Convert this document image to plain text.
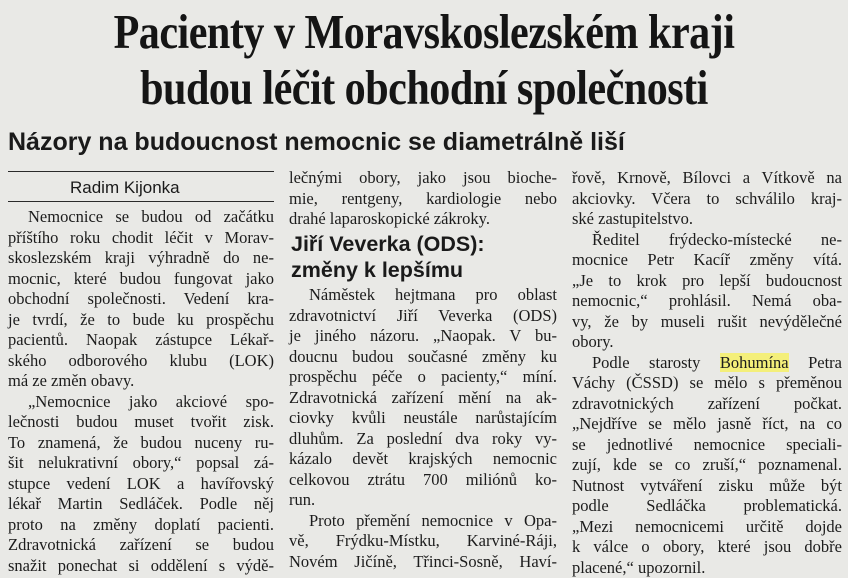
Pacienty v Moravskoslezském kraji
budou léčit obchodní společnosti
Názory na budoucnost nemocnic se diametrálně liší
Radim Kijonka
Nemocnice se budou od začátku
příštího roku chodit léčit v Morav-
skoslezském kraji výhradně do ne-
mocnic, které budou fungovat jako
obchodní společnosti. Vedení kra-
je tvrdí, že to bude ku prospěchu
pacientů. Naopak zástupce Lékař-
ského odborového klubu (LOK)
má ze změn obavy.
„Nemocnice jako akciové spo-
lečnosti budou muset tvořit zisk.
To znamená, že budou nuceny ru-
šit nelukrativní obory,“ popsal zá-
stupce vedení LOK a havířovský
lékař Martin Sedláček. Podle něj
proto na změny doplatí pacienti.
Zdravotnická zařízení se budou
snažit ponechat si oddělení s výdě-
lečnými obory, jako jsou bioche-
mie, rentgeny, kardiologie nebo
drahé laparoskopické zákroky.
Jiří Veverka (ODS):
změny k lepšímu
Náměstek hejtmana pro oblast
zdravotnictví Jiří Veverka (ODS)
je jiného názoru. „Naopak. V bu-
doucnu budou současné změny ku
prospěchu péče o pacienty,“ míní.
Zdravotnická zařízení mění na ak-
ciovky kvůli neustále narůstajícím
dluhům. Za poslední dva roky vy-
kázalo devět krajských nemocnic
celkovou ztrátu 700 miliónů ko-
run.
Proto přemění nemocnice v Opa-
vě, Frýdku-Místku, Karviné-Ráji,
Novém Jičíně, Třinci-Sosně, Haví-
řově, Krnově, Bílovci a Vítkově na
akciovky. Včera to schválilo kraj-
ské zastupitelstvo.
Ředitel frýdecko-místecké ne-
mocnice Petr Kacíř změny vítá.
„Je to krok pro lepší budoucnost
nemocnic,“ prohlásil. Nemá oba-
vy, že by museli rušit nevýdělečné
obory.
Podle starosty Bohumína Petra
Váchy (ČSSD) se mělo s přeměnou
zdravotnických zařízení počkat.
„Nejdříve se mělo jasně říct, na co
se jednotlivé nemocnice speciali-
zují, kde se co zruší,“ poznamenal.
Nutnost vytváření zisku může být
podle Sedláčka problematická.
„Mezi nemocnicemi určitě dojde
k válce o obory, které jsou dobře
placené,“ upozornil.
